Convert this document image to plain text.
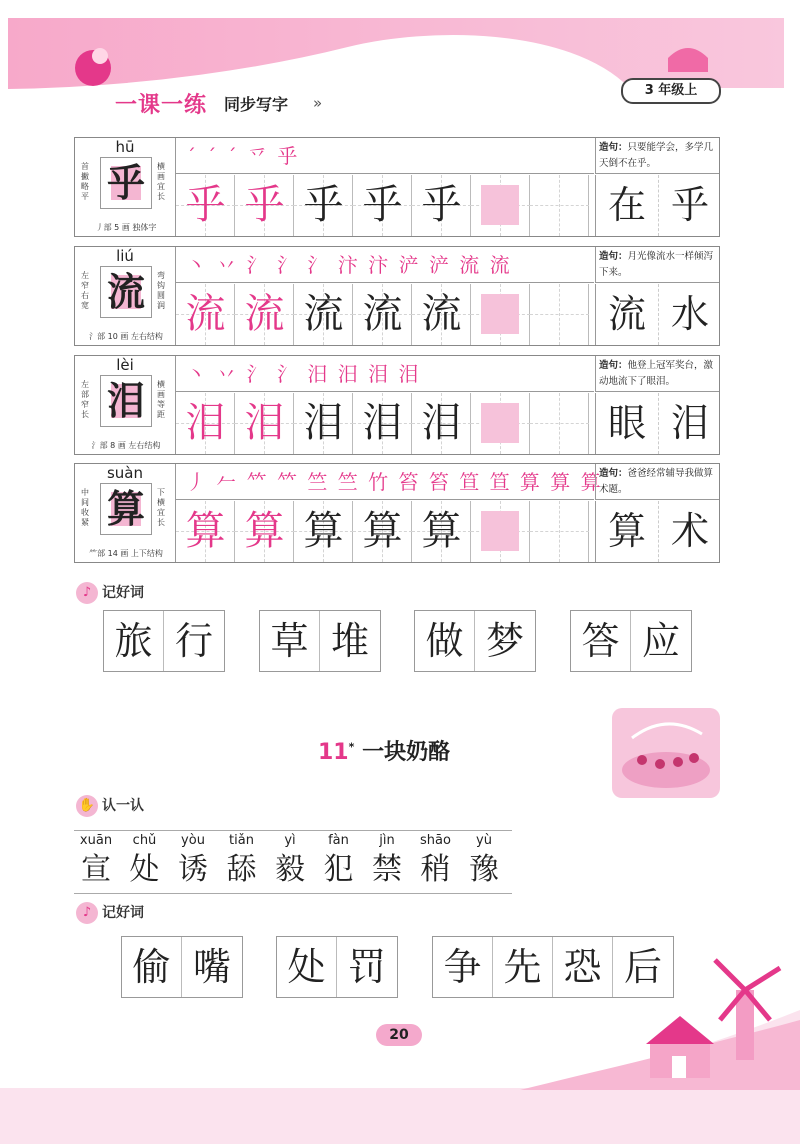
一课一练 同步写字 »
3 年级上
hū
首撇略平 乎	横画宜长
丿部 5 画 独体字
ˊ ˊ ˊ 乊 乎
乎 乎 乎 乎 乎
造句：只要能学会，多学几天倒不在乎。
在 乎
liú
左窄右宽 流	弯钩圆润
氵部 10 画 左右结构
丶 丷 氵 氵 氵 汴 汴 浐 浐 流 流
流 流 流 流 流
造句：月光像流水一样倾泻下来。
流 水
lèi
左部窄长 泪	横画等距
氵部 8 画 左右结构
丶 丷 氵 氵 汨 汨 泪 泪
泪 泪 泪 泪 泪
造句：他登上冠军奖台，激动地流下了眼泪。
眼 泪
suàn
中间收紧 算	下横宜长
⺮部 14 画 上下结构
丿 𠂉 𥫗 𥫗 竺 竺 竹 笞 笞 笪 笪 算 算 算
算 算 算 算 算
造句：爸爸经常辅导我做算术题。
算 术
♪ 记好词
旅 行 草 堆 做 梦 答 应
11* 一块奶酪
✋ 认一认
xuān
宣
chǔ
处
yòu
诱
tiǎn
舔
yì
毅
fàn
犯
jìn
禁
shāo
稍
yù
豫
♪ 记好词
偷 嘴 处 罚 争 先 恐 后
20
